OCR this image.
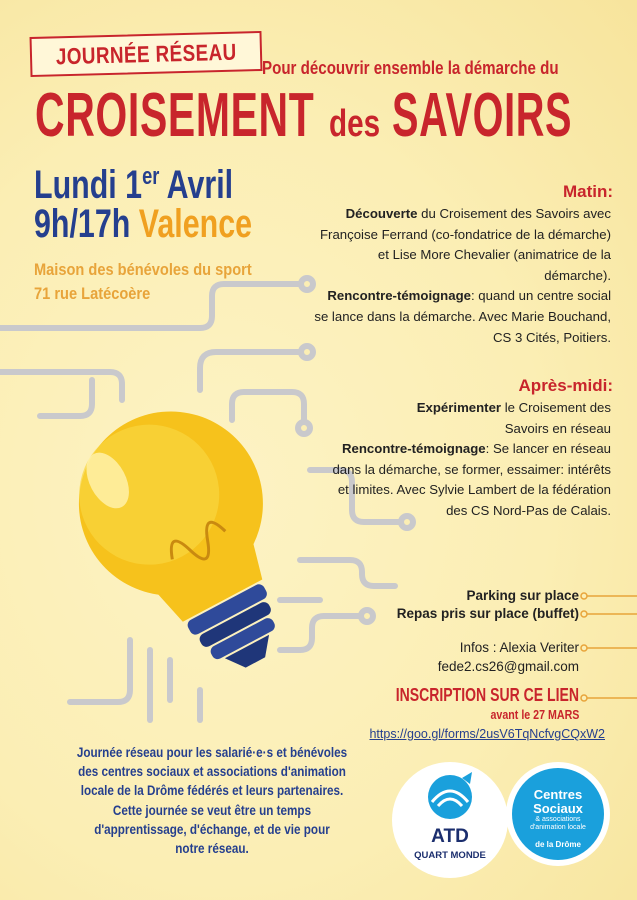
JOURNÉE RÉSEAU Pour découvrir ensemble la démarche du
CROISEMENT des SAVOIRS
Lundi 1er Avril
9h/17h Valence
Maison des bénévoles du sport
71 rue Latécoère
Matin:

Découverte du Croisement des Savoirs avec Françoise Ferrand (co-fondatrice de la démarche) et Lise More Chevalier (animatrice de la démarche).

Rencontre-témoignage: quand un centre social se lance dans la démarche. Avec Marie Bouchand, CS 3 Cités, Poitiers.

Après-midi:

Expérimenter le Croisement des Savoirs en réseau

Rencontre-témoignage: Se lancer en réseau dans la démarche, se former, essaimer: intérêts et limites. Avec Sylvie Lambert de la fédération des CS Nord-Pas de Calais.

Parking sur place
Repas pris sur place (buffet)
Infos : Alexia Veriter
fede2.cs26@gmail.com
INSCRIPTION SUR CE LIEN
avant le 27 MARS
https://goo.gl/forms/2usV6TqNcfvgCQxW2

Journée réseau pour les salarié·e·s et bénévoles

des centres sociaux et associations d'animation

locale de la Drôme fédérés et leurs partenaires.

Cette journée se veut être un temps

d'apprentissage, d'échange, et de vie pour

notre réseau.

ATD
QUART MONDE
Centres
Sociaux
& associations
d'animation locale
de la Drôme
